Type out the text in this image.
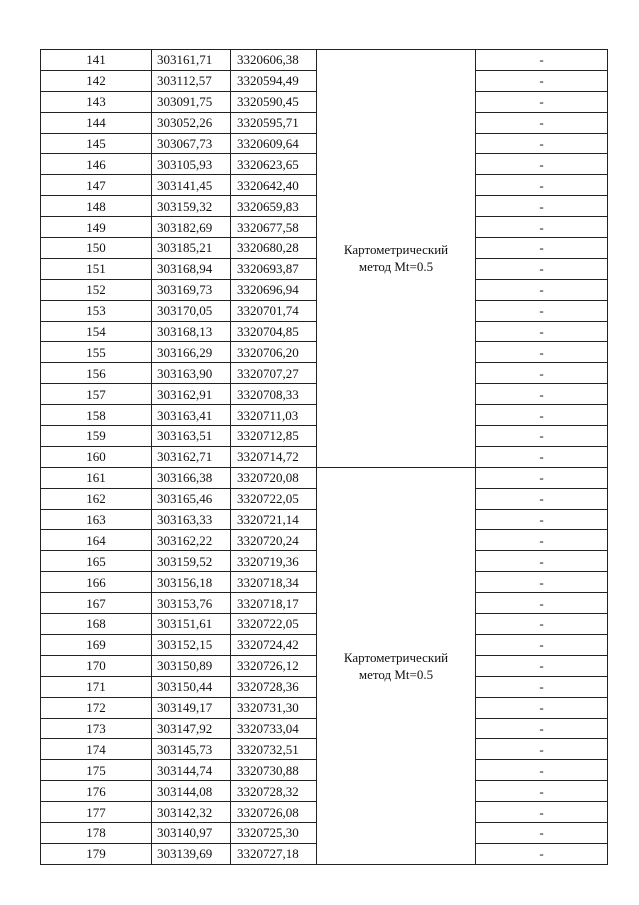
141	303161,71	3320606,38	Картометрический
метод Mt=0.5	-
142	303112,57	3320594,49		-
143	303091,75	3320590,45		-
144	303052,26	3320595,71		-
145	303067,73	3320609,64		-
146	303105,93	3320623,65		-
147	303141,45	3320642,40		-
148	303159,32	3320659,83		-
149	303182,69	3320677,58		-
150	303185,21	3320680,28		-
151	303168,94	3320693,87		-
152	303169,73	3320696,94		-
153	303170,05	3320701,74		-
154	303168,13	3320704,85		-
155	303166,29	3320706,20		-
156	303163,90	3320707,27		-
157	303162,91	3320708,33		-
158	303163,41	3320711,03		-
159	303163,51	3320712,85		-
160	303162,71	3320714,72		-
161	303166,38	3320720,08	Картометрический
метод Mt=0.5	-
162	303165,46	3320722,05		-
163	303163,33	3320721,14		-
164	303162,22	3320720,24		-
165	303159,52	3320719,36		-
166	303156,18	3320718,34		-
167	303153,76	3320718,17		-
168	303151,61	3320722,05		-
169	303152,15	3320724,42		-
170	303150,89	3320726,12		-
171	303150,44	3320728,36		-
172	303149,17	3320731,30		-
173	303147,92	3320733,04		-
174	303145,73	3320732,51		-
175	303144,74	3320730,88		-
176	303144,08	3320728,32		-
177	303142,32	3320726,08		-
178	303140,97	3320725,30		-
179	303139,69	3320727,18		-
